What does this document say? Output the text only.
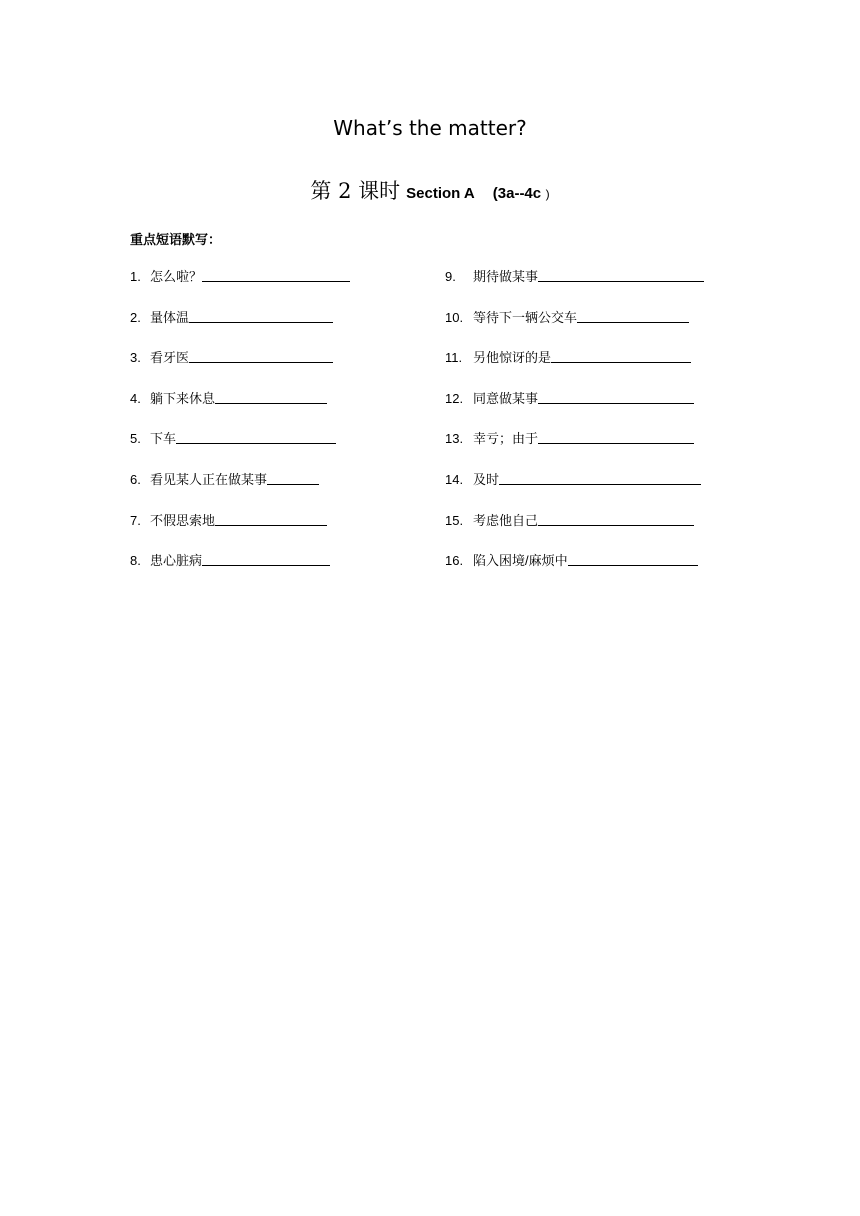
What’s the matter?
第 2 课时 Section A (3a--4c )
重点短语默写：
1. 怎么啦？
2. 量体温
3. 看牙医
4. 躺下来休息
5. 下车
6. 看见某人正在做某事
7. 不假思索地
8. 患心脏病
9. 期待做某事
10. 等待下一辆公交车
11. 另他惊讶的是
12. 同意做某事
13. 幸亏；由于
14. 及时
15. 考虑他自己
16. 陷入困境/麻烦中
